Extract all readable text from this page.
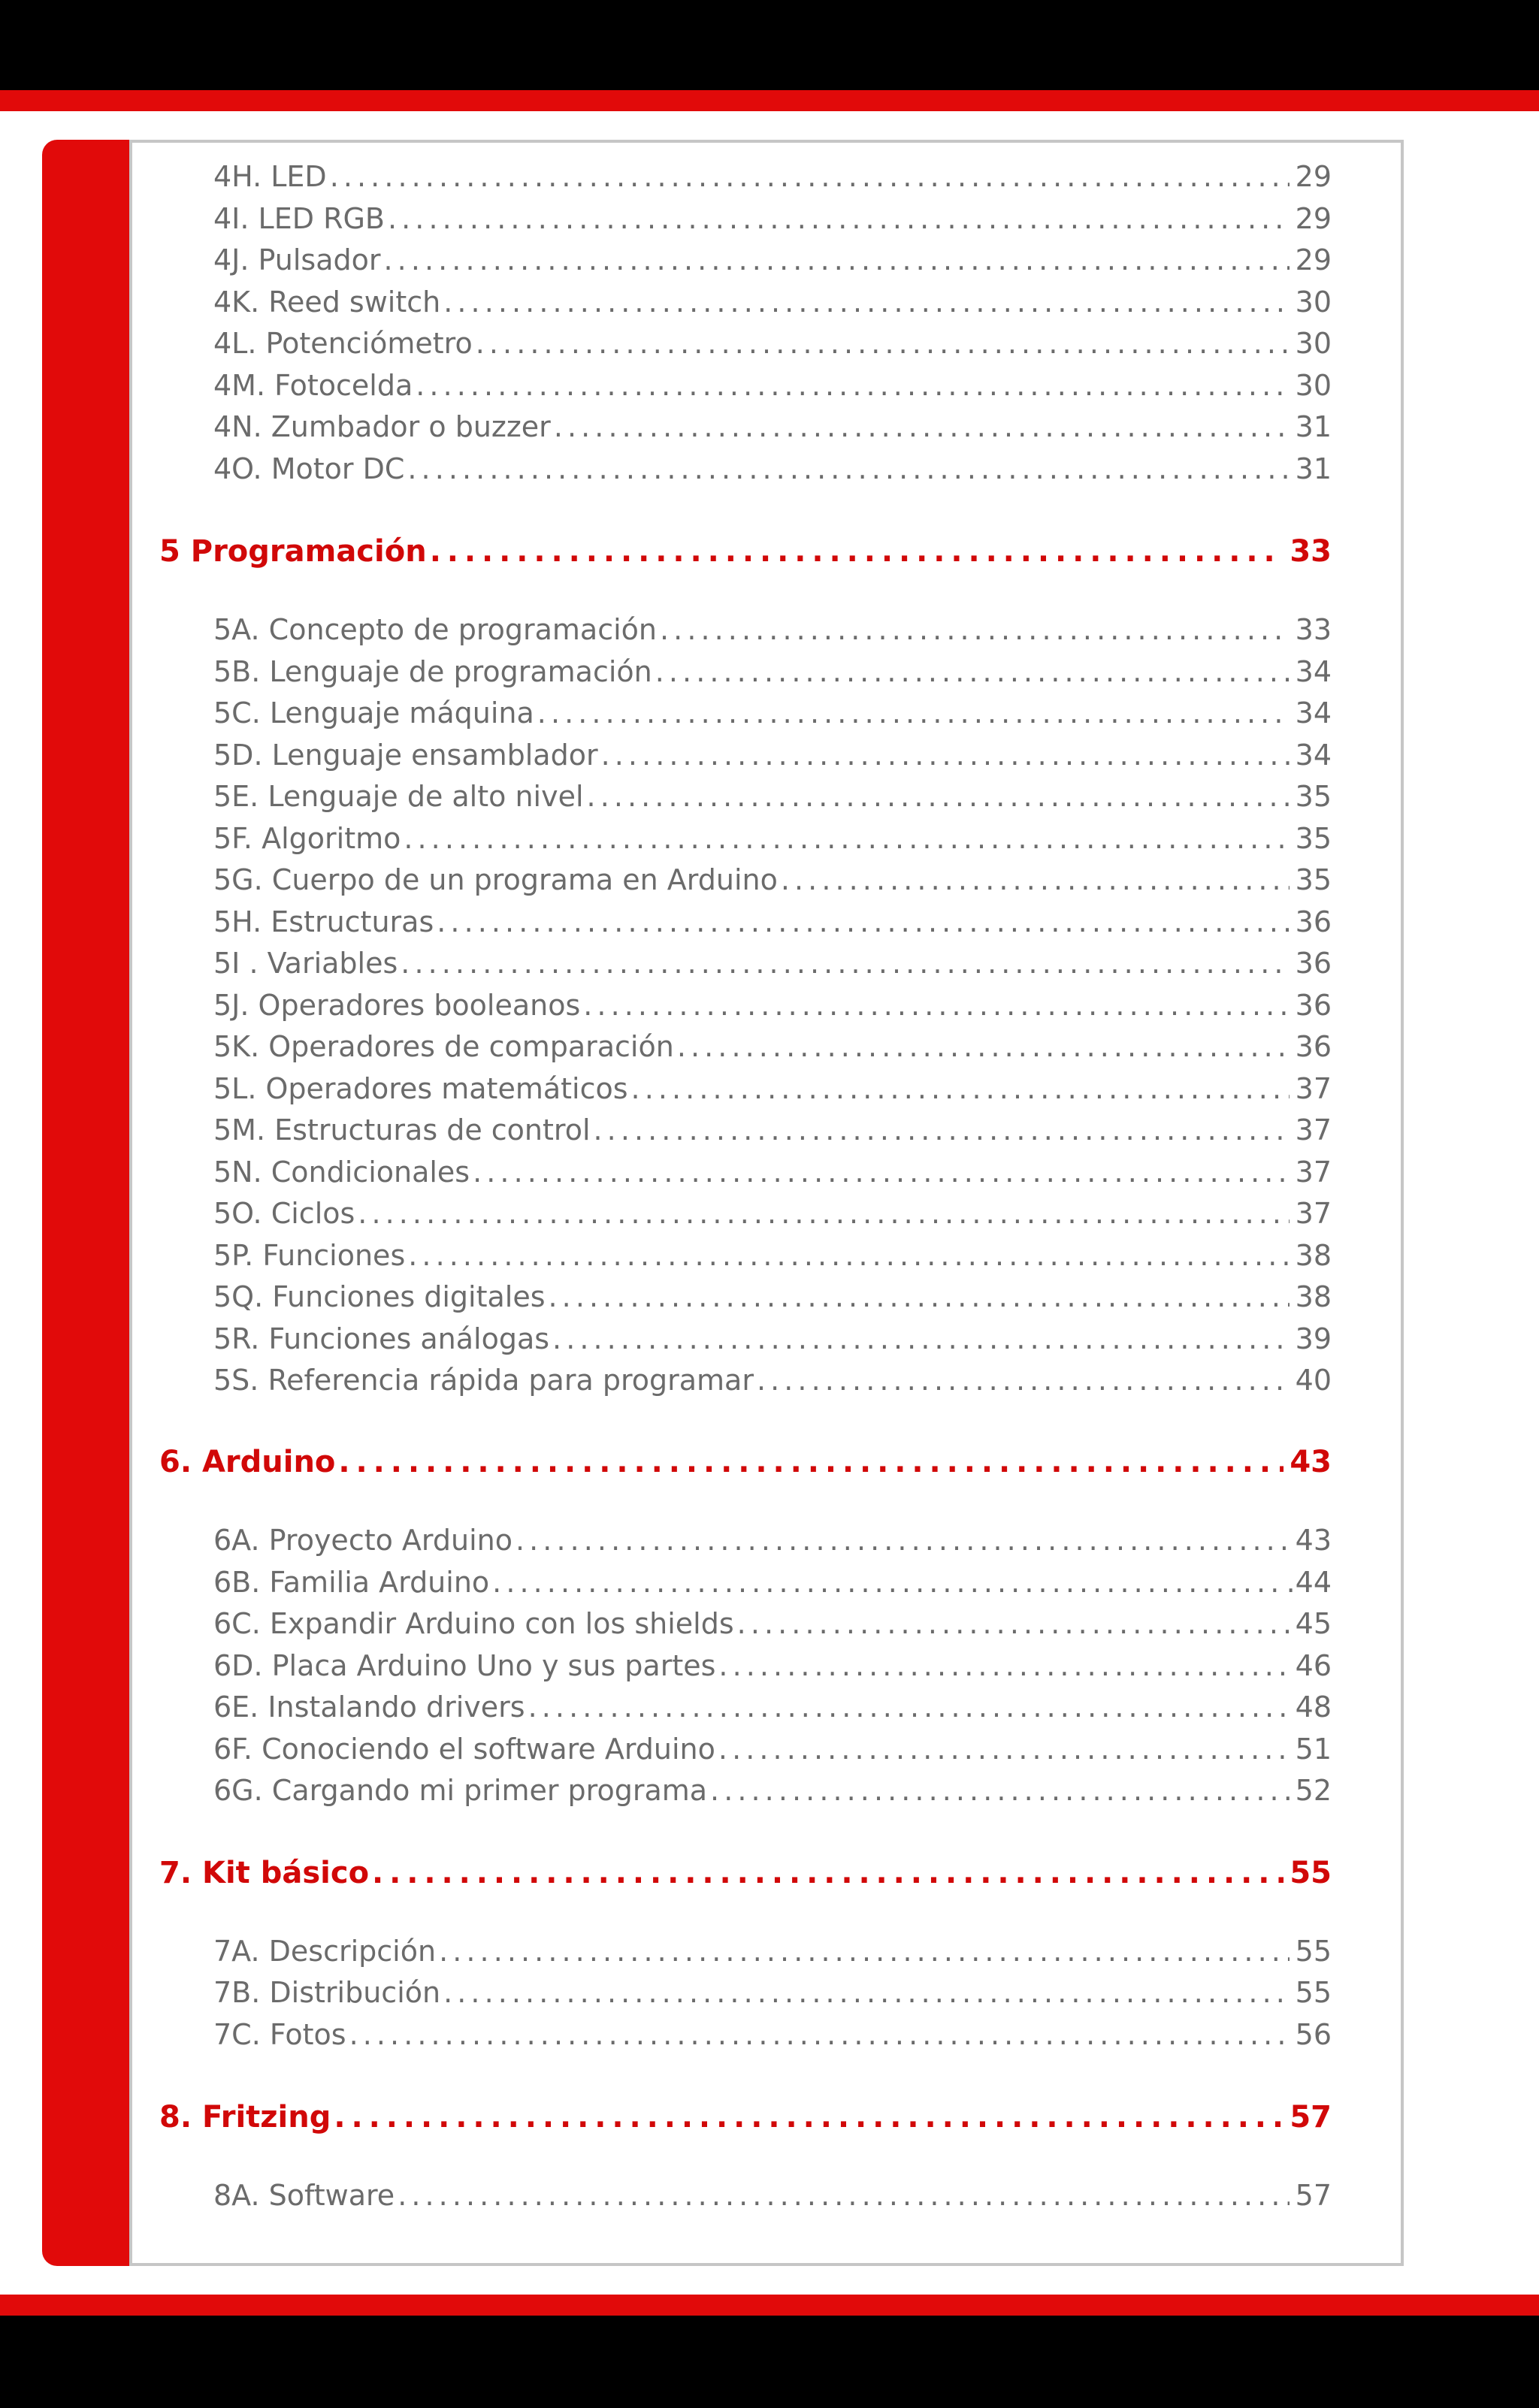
4H. LED . . .	29
4I. LED RGB . . .	29
4J. Pulsador . . .	29
4K. Reed switch . . .	30
4L. Potenciómetro . . .	30
4M. Fotocelda . . .	30
4N. Zumbador o buzzer . . .	31
4O. Motor DC . . .	31
5 Programación . . .	33
5A. Concepto de programación . . .	33
5B. Lenguaje de programación . . .	34
5C. Lenguaje máquina . . .	34
5D. Lenguaje ensamblador . . .	34
5E. Lenguaje de alto nivel . . .	35
5F. Algoritmo . . .	35
5G. Cuerpo de un programa en Arduino . . .	35
5H. Estructuras . . .	36
5I . Variables . . .	36
5J. Operadores booleanos . . .	36
5K. Operadores de comparación . . .	36
5L. Operadores matemáticos . . .	37
5M. Estructuras de control . . .	37
5N. Condicionales . . .	37
5O. Ciclos . . .	37
5P. Funciones . . .	38
5Q. Funciones digitales . . .	38
5R. Funciones análogas . . .	39
5S. Referencia rápida para programar . . .	40
6. Arduino . . .	43
6A. Proyecto Arduino . . .	43
6B. Familia Arduino . . .	.44
6C. Expandir Arduino con los shields . . .	45
6D. Placa Arduino Uno y sus partes . . .	46
6E. Instalando drivers . . .	48
6F. Conociendo el software Arduino . . .	51
6G. Cargando mi primer programa . . .	52
7. Kit básico . . .	55
7A. Descripción . . .	55
7B. Distribución . . .	55
7C. Fotos . . .	56
8. Fritzing . . .	57
8A. Software . . .	57
